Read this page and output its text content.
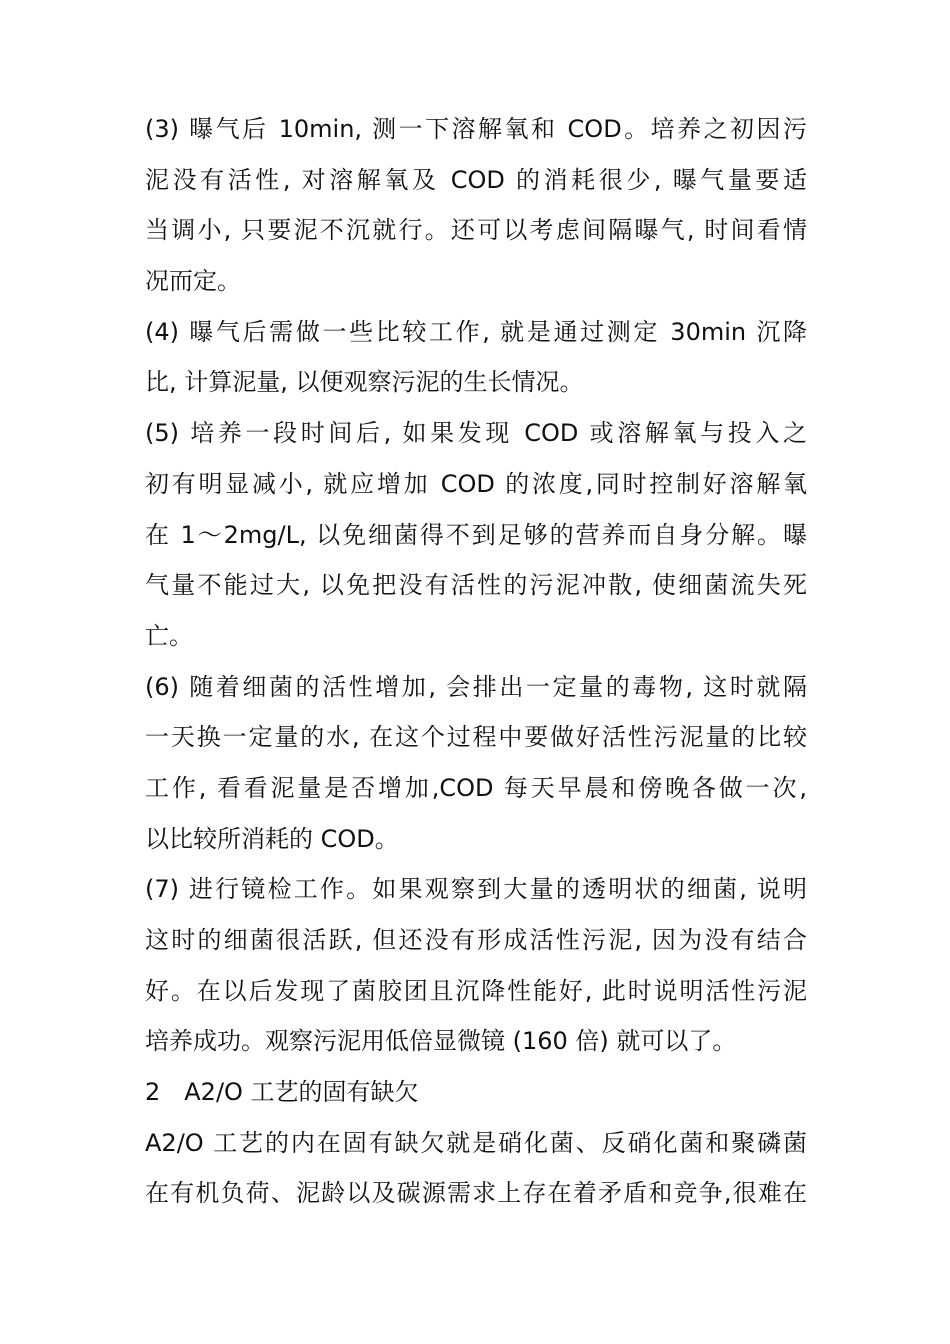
(3) 曝气后 10min, 测一下溶解氧和 COD。培养之初因污
泥没有活性, 对溶解氧及 COD 的消耗很少, 曝气量要适
当调小, 只要泥不沉就行。还可以考虑间隔曝气, 时间看情
况而定。
(4) 曝气后需做一些比较工作, 就是通过测定 30min 沉降
比, 计算泥量, 以便观察污泥的生长情况。
(5) 培养一段时间后, 如果发现 COD 或溶解氧与投入之
初有明显减小, 就应增加 COD 的浓度,同时控制好溶解氧
在 1～2mg/L, 以免细菌得不到足够的营养而自身分解。曝
气量不能过大, 以免把没有活性的污泥冲散, 使细菌流失死
亡。
(6) 随着细菌的活性增加, 会排出一定量的毒物, 这时就隔
一天换一定量的水, 在这个过程中要做好活性污泥量的比较
工作, 看看泥量是否增加,COD 每天早晨和傍晚各做一次,
以比较所消耗的 COD。
(7) 进行镜检工作。如果观察到大量的透明状的细菌, 说明
这时的细菌很活跃, 但还没有形成活性污泥, 因为没有结合
好。在以后发现了菌胶团且沉降性能好, 此时说明活性污泥
培养成功。观察污泥用低倍显微镜 (160 倍) 就可以了。
2　A2/O 工艺的固有缺欠
A2/O 工艺的内在固有缺欠就是硝化菌、反硝化菌和聚磷菌
在有机负荷、泥龄以及碳源需求上存在着矛盾和竞争,很难在
